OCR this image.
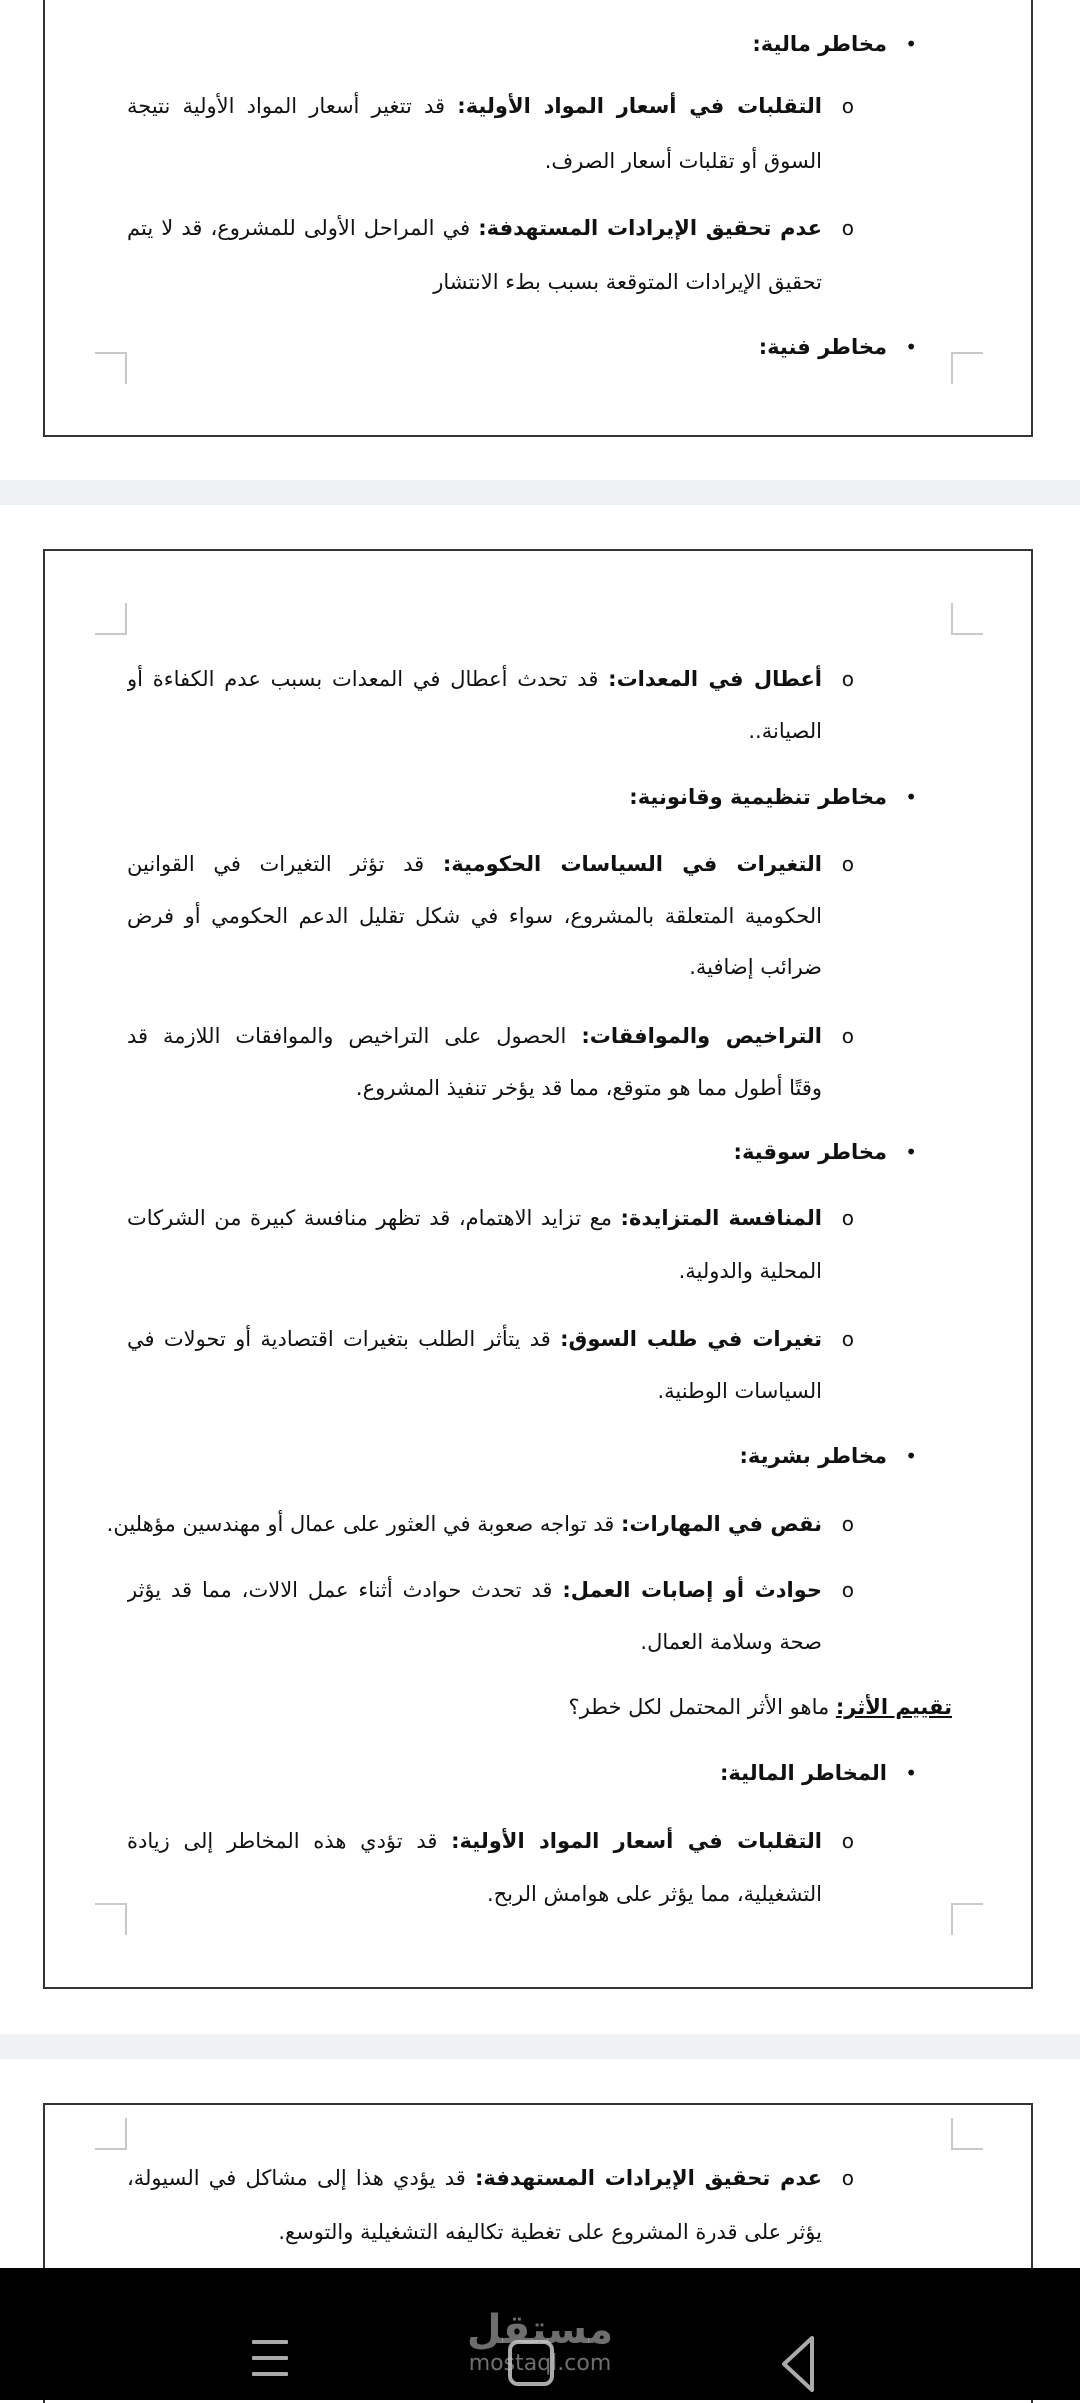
•
مخاطر مالية:
o
التقلبات في أسعار المواد الأولية: قد تتغير أسعار المواد الأولية نتيجة
السوق أو تقلبات أسعار الصرف.
o
عدم تحقيق الإيرادات المستهدفة: في المراحل الأولى للمشروع، قد لا يتم
تحقيق الإيرادات المتوقعة بسبب بطء الانتشار
•
مخاطر فنية:
o
أعطال في المعدات: قد تحدث أعطال في المعدات بسبب عدم الكفاءة أو
الصيانة..
•
مخاطر تنظيمية وقانونية:
o
التغيرات في السياسات الحكومية: قد تؤثر التغيرات في القوانين
الحكومية المتعلقة بالمشروع، سواء في شكل تقليل الدعم الحكومي أو فرض
ضرائب إضافية.
o
التراخيص والموافقات: الحصول على التراخيص والموافقات اللازمة قد
وقتًا أطول مما هو متوقع، مما قد يؤخر تنفيذ المشروع.
•
مخاطر سوقية:
o
المنافسة المتزايدة: مع تزايد الاهتمام، قد تظهر منافسة كبيرة من الشركات
المحلية والدولية.
o
تغيرات في طلب السوق: قد يتأثر الطلب بتغيرات اقتصادية أو تحولات في
السياسات الوطنية.
•
مخاطر بشرية:
o
نقص في المهارات: قد تواجه صعوبة في العثور على عمال أو مهندسين مؤهلين.
o
حوادث أو إصابات العمل: قد تحدث حوادث أثناء عمل الالات، مما قد يؤثر
صحة وسلامة العمال.
تقييم الأثر: ماهو الأثر المحتمل لكل خطر؟
•
المخاطر المالية:
o
التقلبات في أسعار المواد الأولية: قد تؤدي هذه المخاطر إلى زيادة
التشغيلية، مما يؤثر على هوامش الربح.
o
عدم تحقيق الإيرادات المستهدفة: قد يؤدي هذا إلى مشاكل في السيولة،
يؤثر على قدرة المشروع على تغطية تكاليفه التشغيلية والتوسع.
مستقل
mostaql.com
